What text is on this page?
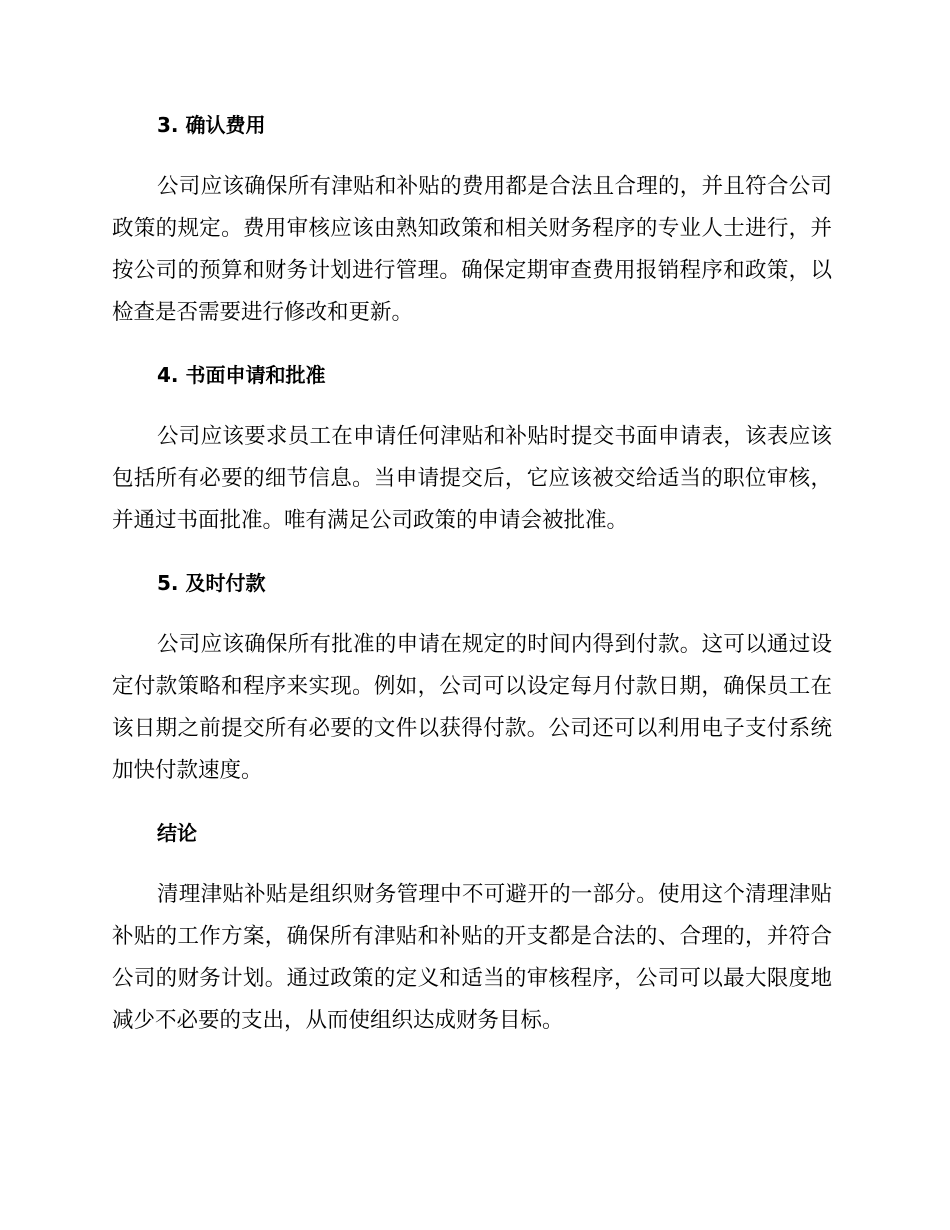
3. 确认费用

公司应该确保所有津贴和补贴的费用都是合法且合理的，并且符合公司政策的规定。费用审核应该由熟知政策和相关财务程序的专业人士进行，并按公司的预算和财务计划进行管理。确保定期审查费用报销程序和政策，以检查是否需要进行修改和更新。

4. 书面申请和批准

公司应该要求员工在申请任何津贴和补贴时提交书面申请表，该表应该包括所有必要的细节信息。当申请提交后，它应该被交给适当的职位审核，并通过书面批准。唯有满足公司政策的申请会被批准。

5. 及时付款

公司应该确保所有批准的申请在规定的时间内得到付款。这可以通过设定付款策略和程序来实现。例如，公司可以设定每月付款日期，确保员工在该日期之前提交所有必要的文件以获得付款。公司还可以利用电子支付系统加快付款速度。

结论

清理津贴补贴是组织财务管理中不可避开的一部分。使用这个清理津贴补贴的工作方案，确保所有津贴和补贴的开支都是合法的、合理的，并符合公司的财务计划。通过政策的定义和适当的审核程序，公司可以最大限度地减少不必要的支出，从而使组织达成财务目标。
